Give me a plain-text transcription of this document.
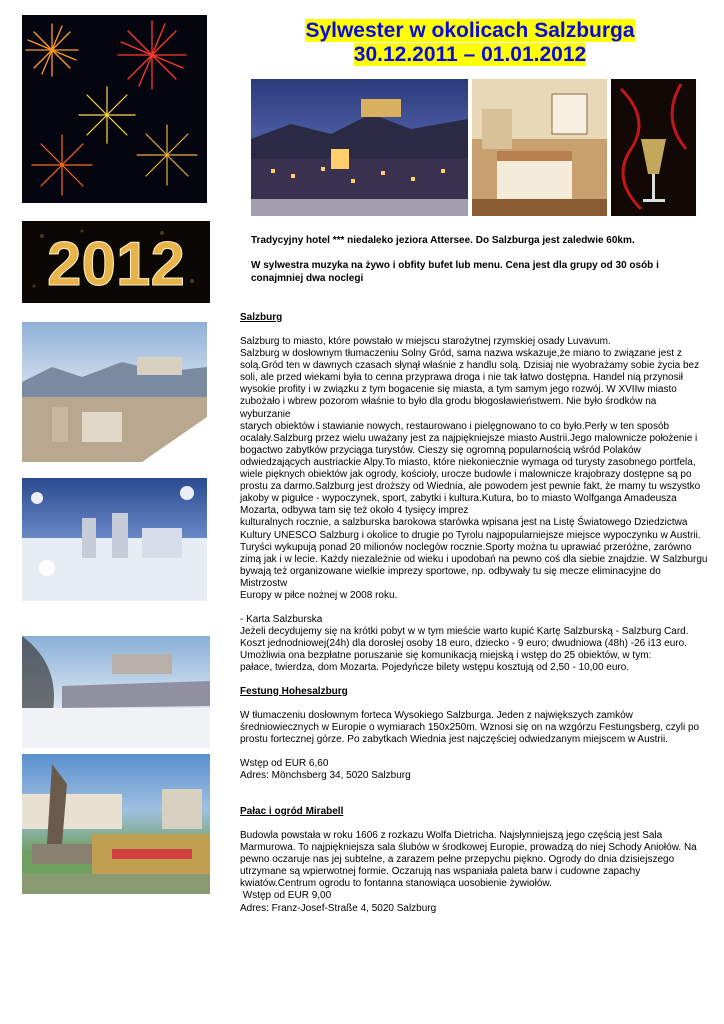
Sylwester w okolicach Salzburga
30.12.2011 – 01.01.2012
2012	Tradycyjny hotel *** niedaleko jeziora Attersee. Do Salzburga jest zaledwie 60km.

W sylwestra muzyka na żywo i obfity bufet lub menu. Cena jest dla grupy od 30 osób i

conajmniej dwa noclegi

Salzburg
Salzburg to miasto, które powstało w miejscu starożytnej rzymskiej osady Luvavum.
Salzburg w dosłownym tłumaczeniu Solny Gród, sama nazwa wskazuje,że miano to związane jest z
solą.Gród ten w dawnych czasach słynął właśnie z handlu solą. Dzisiaj nie wyobrażamy sobie życia bez
soli, ale przed wiekami była to cenna przyprawa droga i nie tak łatwo dostępna. Handel nią przynosił
wysokie profity i w związku z tym bogacenie się miasta, a tym samym jego rozwój. W XVIIw miasto
zubożało i wbrew pozorom właśnie to było dla grodu błogosławieństwem. Nie było środków na wyburzanie
starych obiektów i stawianie nowych, restaurowano i pielęgnowano to co było.Perły w ten sposób
ocalały.Salzburg przez wielu uważany jest za najpiękniejsze miasto Austrii.Jego malownicze położenie i
bogactwo zabytków przyciąga turystów. Cieszy się ogromną popularnością wśród Polaków
odwiedzających austriackie Alpy.To miasto, które niekoniecznie wymaga od turysty zasobnego portfela,
wiele pięknych obiektów jak ogrody, kościoły, urocze budowle i malownicze krajobrazy dostępne są po
prostu za darmo.Salzburg jest droższy od Wiednia, ale powodem jest pewnie fakt, że mamy tu wszystko
jakoby w pigułce - wypoczynek, sport, zabytki i kultura.Kutura, bo to miasto Wolfganga Amadeusza
Mozarta, odbywa tam się też około 4 tysięcy imprez
kulturalnych rocznie, a salzburska barokowa starówka wpisana jest na Listę Światowego Dziedzictwa
Kultury UNESCO Salzburg i okolice to drugie po Tyrolu najpopularniejsze miejsce wypoczynku w Austrii.
Turyści wykupują ponad 20 milionów noclegów rocznie.Sporty można tu uprawiać przeróżne, zarówno
zimą jak i w lecie. Każdy niezależnie od wieku i upodobań na pewno coś dla siebie znajdzie. W Salzburgu
bywają też organizowane wielkie imprezy sportowe, np. odbywały tu się mecze eliminacyjne do Mistrzostw
Europy w piłce nożnej w 2008 roku.
- Karta Salzburska
Jeżeli decydujemy się na krótki pobyt w w tym mieście warto kupić Kartę Salzburską - Salzburg Card.
Koszt jednodniowej(24h) dla dorosłej osoby 18 euro, dziecko - 9 euro; dwudniowa (48h) -26 i13 euro.
Umożliwia ona bezpłatne poruszanie się komunikacją miejską i wstęp do 25 obiektów, w tym:
pałace, twierdza, dom Mozarta. Pojedyńcze bilety wstępu kosztują od 2,50 - 10,00 euro.
Festung Hohesalzburg
W tłumaczeniu dosłownym forteca Wysokiego Salzburga. Jeden z największych zamków
średniowiecznych w Europie o wymiarach 150x250m. Wznosi się on na wzgórzu Festungsberg, czyli po
prostu fortecznej górze. Po zabytkach Wiednia jest najczęściej odwiedzanym miejscem w Austrii.
Wstęp od EUR 6,60
Adres: Mönchsberg 34, 5020 Salzburg
Pałac i ogród Mirabell
Budowla powstała w roku 1606 z rozkazu Wolfa Dietricha. Najsłynniejszą jego częścią jest Sala
Marmurowa. To najpiękniejsza sala ślubów w środkowej Europie, prowadzą do niej Schody Aniołów. Na
pewno oczaruje nas jej subtelne, a zarazem pełne przepychu piękno. Ogrody do dnia dzisiejszego
utrzymane są wpierwotnej formie. Oczarują nas wspaniała paleta barw i cudowne zapachy
kwiatów.Centrum ogrodu to fontanna stanowiąca uosobienie żywiołów.
Wstęp od EUR 9,00
Adres: Franz-Josef-Straße 4, 5020 Salzburg
